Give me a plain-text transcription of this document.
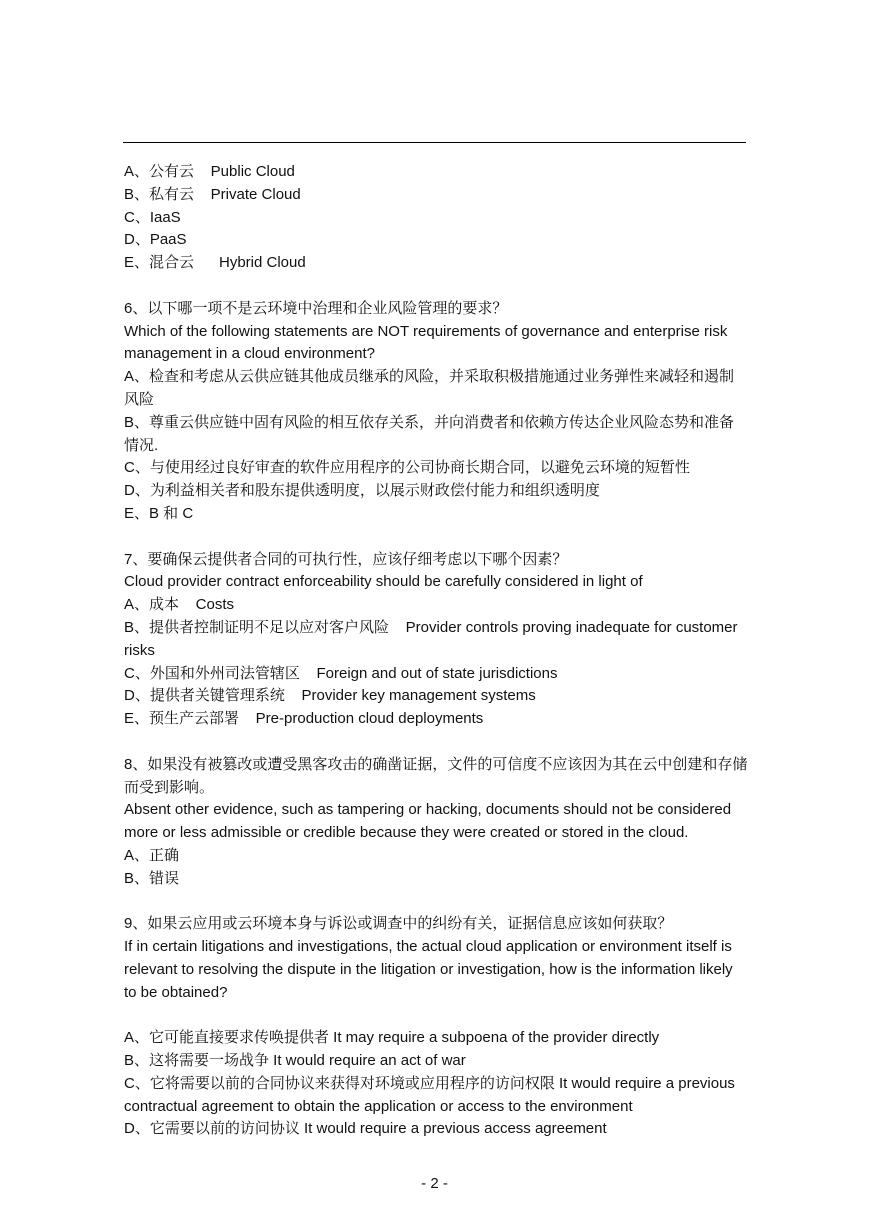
A、公有云    Public Cloud
B、私有云    Private Cloud
C、IaaS
D、PaaS
E、混合云      Hybrid Cloud
6、以下哪一项不是云环境中治理和企业风险管理的要求？
Which of the following statements are NOT requirements of governance and enterprise risk management in a cloud environment?
A、检查和考虑从云供应链其他成员继承的风险，并采取积极措施通过业务弹性来减轻和遏制风险
B、尊重云供应链中固有风险的相互依存关系，并向消费者和依赖方传达企业风险态势和准备情况.
C、与使用经过良好审查的软件应用程序的公司协商长期合同，以避免云环境的短暂性
D、为利益相关者和股东提供透明度，以展示财政偿付能力和组织透明度
E、B 和 C
7、要确保云提供者合同的可执行性，应该仔细考虑以下哪个因素？
Cloud provider contract enforceability should be carefully considered in light of
A、成本    Costs
B、提供者控制证明不足以应对客户风险    Provider controls proving inadequate for customer risks
C、外国和外州司法管辖区    Foreign and out of state jurisdictions
D、提供者关键管理系统    Provider key management systems
E、预生产云部署    Pre-production cloud deployments
8、如果没有被篡改或遭受黑客攻击的确凿证据，文件的可信度不应该因为其在云中创建和存储而受到影响。
Absent other evidence, such as tampering or hacking, documents should not be considered more or less admissible or credible because they were created or stored in the cloud.
A、正确
B、错误
9、如果云应用或云环境本身与诉讼或调查中的纠纷有关，证据信息应该如何获取？
If in certain litigations and investigations, the actual cloud application or environment itself is relevant to resolving the dispute in the litigation or investigation, how is the information likely to be obtained?
A、它可能直接要求传唤提供者 It may require a subpoena of the provider directly
B、这将需要一场战争 It would require an act of war
C、它将需要以前的合同协议来获得对环境或应用程序的访问权限 It would require a previous contractual agreement to obtain the application or access to the environment
D、它需要以前的访问协议 It would require a previous access agreement
- 2 -
